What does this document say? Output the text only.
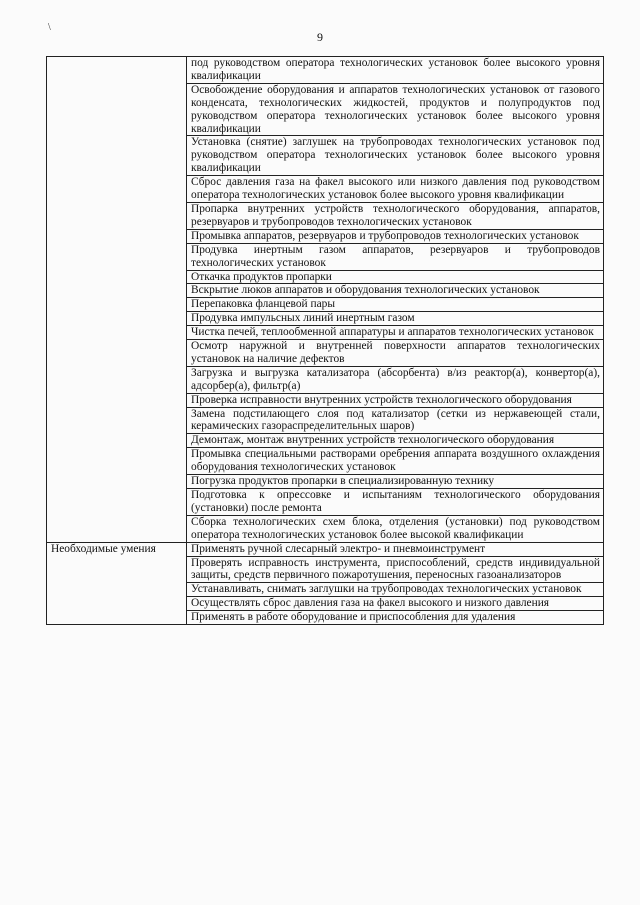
\
9

	под руководством оператора технологических установок более высокого уровня квалификации

	Освобождение оборудования и аппаратов технологических установок от газового конденсата, технологических жидкостей, продуктов и полупродуктов под руководством оператора технологических установок более высокого уровня квалификации

	Установка (снятие) заглушек на трубопроводах технологических установок под руководством оператора технологических установок более высокого уровня квалификации

	Сброс давления газа на факел высокого или низкого давления под руководством оператора технологических установок более высокого уровня квалификации

	Пропарка внутренних устройств технологического оборудования, аппаратов, резервуаров и трубопроводов технологических установок

	Промывка аппаратов, резервуаров и трубопроводов технологических установок

	Продувка инертным газом аппаратов, резервуаров и трубопроводов технологических установок

	Откачка продуктов пропарки

	Вскрытие люков аппаратов и оборудования технологических установок

	Перепаковка фланцевой пары

	Продувка импульсных линий инертным газом

	Чистка печей, теплообменной аппаратуры и аппаратов технологических установок

	Осмотр наружной и внутренней поверхности аппаратов технологических установок на наличие дефектов

	Загрузка и выгрузка катализатора (абсорбента) в/из реактор(а), конвертор(а), адсорбер(а), фильтр(а)

	Проверка исправности внутренних устройств технологического оборудования

	Замена подстилающего слоя под катализатор (сетки из нержавеющей стали, керамических газораспределительных шаров)

	Демонтаж, монтаж внутренних устройств технологического оборудования

	Промывка специальными растворами оребрения аппарата воздушного охлаждения оборудования технологических установок

	Погрузка продуктов пропарки в специализированную технику

	Подготовка к опрессовке и испытаниям технологического оборудования (установки) после ремонта

	Сборка технологических схем блока, отделения (установки) под руководством оператора технологических установок более высокой квалификации

Необходимые умения	Применять ручной слесарный электро- и пневмоинструмент

	Проверять исправность инструмента, приспособлений, средств индивидуальной защиты, средств первичного пожаротушения, переносных газоанализаторов

	Устанавливать, снимать заглушки на трубопроводах технологических установок

	Осуществлять сброс давления газа на факел высокого и низкого давления

	Применять в работе оборудование и приспособления для удаления
